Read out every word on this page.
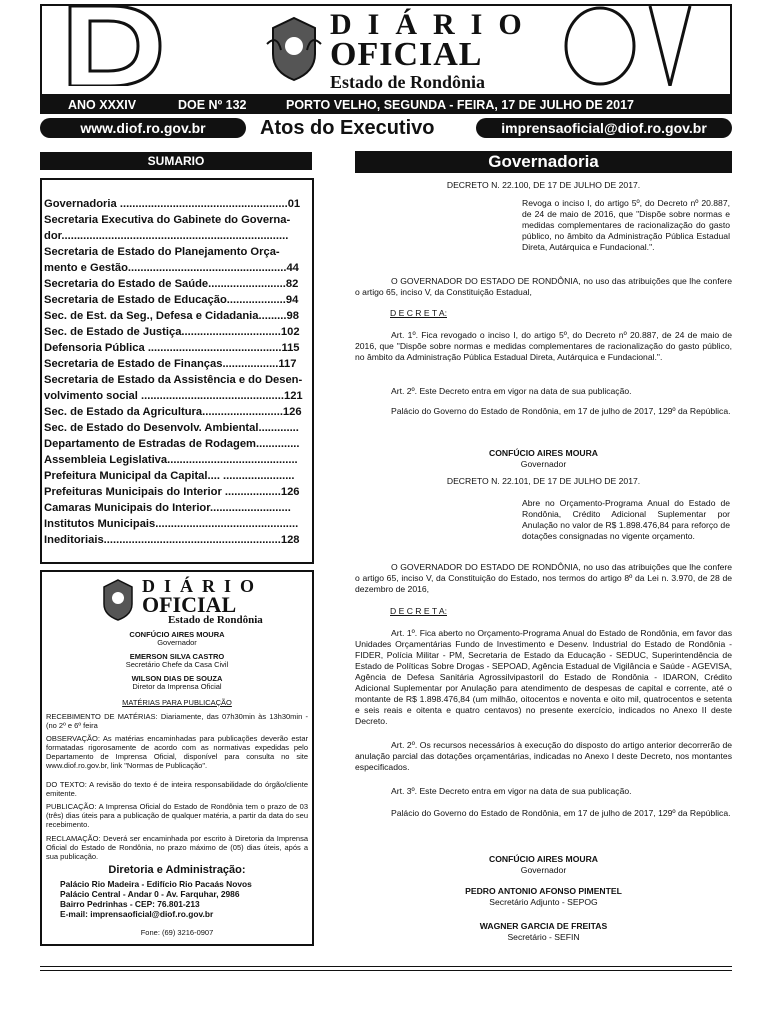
DIÁRIO
OFICIAL
Estado de Rondônia
ANO XXXIV	DOE Nº 132	PORTO VELHO, SEGUNDA - FEIRA, 17 DE JULHO DE 2017
www.diof.ro.gov.br	Atos do Executivo	imprensaoficial@diof.ro.gov.br
SUMARIO
Governadoria ......................................................01
Secretaria Executiva do Gabinete do Governa-
dor.........................................................................
Secretaria de Estado do Planejamento Orça-
mento e Gestão...................................................44
Secretaria do Estado de Saúde.........................82
Secretaria de Estado de Educação...................94
Sec. de Est. da Seg., Defesa e Cidadania.........98
Sec. de Estado de Justiça................................102
Defensoria Pública ...........................................115
Secretaria de Estado de Finanças..................117
Secretaria de Estado da Assistência e do Desen-
volvimento social ..............................................121
Sec. de Estado da Agricultura..........................126
Sec. de Estado do Desenvolv. Ambiental.............
Departamento de Estradas de Rodagem..............
Assembleia Legislativa..........................................
Prefeitura Municipal da Capital.... .......................
Prefeituras Municipais do Interior ..................126
Camaras Municipais do Interior..........................
Institutos Municipais..............................................
Ineditoriais.........................................................128
DIÁRIO
OFICIAL
Estado de Rondônia
CONFÚCIO AIRES MOURA
Governador
EMERSON SILVA CASTRO
Secretário Chefe da Casa Civil
WILSON DIAS DE SOUZA
Diretor da Imprensa Oficial
MATÉRIAS PARA PUBLICAÇÃO
RECEBIMENTO DE MATÉRIAS: Diariamente, das 07h30min às 13h30min - (no 2º e 6º feira
OBSERVAÇÃO: As matérias encaminhadas para publicações deverão estar formatadas rigorosamente de acordo com as normativas expedidas pelo Departamento de Imprensa Oficial, disponível para consulta no site www.diof.ro.gov.br, link "Normas de Publicação".
DO TEXTO: A revisão do texto é de inteira responsabilidade do órgão/cliente emitente.
PUBLICAÇÃO: A Imprensa Oficial do Estado de Rondônia tem o prazo de 03 (três) dias úteis para a publicação de qualquer matéria, a partir da data do seu recebimento.
RECLAMAÇÃO: Deverá ser encaminhada por escrito à Diretoria da Imprensa Oficial do Estado de Rondônia, no prazo máximo de (05) dias úteis, após a sua publicação.
Diretoria e Administração:
Palácio Rio Madeira - Edifício Rio Pacaás Novos
Palácio Central - Andar 0 - Av. Farquhar, 2986
Bairro Pedrinhas - CEP: 76.801-213
E-mail: imprensaoficial@diof.ro.gov.br
Fone: (69) 3216-0907
Governadoria
DECRETO N. 22.100, DE 17 DE JULHO DE 2017.
Revoga o inciso I, do artigo 5º, do Decreto nº 20.887, de 24 de maio de 2016, que "Dispõe sobre normas e medidas complementares de racionalização do gasto público, no âmbito da Administração Pública Estadual Direta, Autárquica e Fundacional.".
O GOVERNADOR DO ESTADO DE RONDÔNIA, no uso das atribuições que lhe confere o artigo 65, inciso V, da Constituição Estadual,
D E C R E T A:
Art. 1º. Fica revogado o inciso I, do artigo 5º, do Decreto nº 20.887, de 24 de maio de 2016, que "Dispõe sobre normas e medidas complementares de racionalização do gasto público, no âmbito da Administração Pública Estadual Direta, Autárquica e Fundacional.".
Art. 2º. Este Decreto entra em vigor na data de sua publicação.
Palácio do Governo do Estado de Rondônia, em 17 de julho de 2017, 129º da República.
CONFÚCIO AIRES MOURA
Governador
DECRETO N. 22.101, DE 17 DE JULHO DE 2017.
Abre no Orçamento-Programa Anual do Estado de Rondônia, Crédito Adicional Suplementar por Anulação no valor de R$ 1.898.476,84 para reforço de dotações consignadas no vigente orçamento.
O GOVERNADOR DO ESTADO DE RONDÔNIA, no uso das atribuições que lhe confere o artigo 65, inciso V, da Constituição do Estado, nos termos do artigo 8º da Lei n. 3.970, de 28 de dezembro de 2016,
D E C R E T A:
Art. 1º. Fica aberto no Orçamento-Programa Anual do Estado de Rondônia, em favor das Unidades Orçamentárias Fundo de Investimento e Desenv. Industrial do Estado de Rondônia - FIDER, Polícia Militar - PM, Secretaria de Estado da Educação - SEDUC, Superintendência de Estado de Políticas Sobre Drogas - SEPOAD, Agência Estadual de Vigilância e Saúde - AGEVISA, Agência de Defesa Sanitária Agrossilvipastoril do Estado de Rondônia - IDARON, Crédito Adicional Suplementar por Anulação para atendimento de despesas de capital e corrente, até o montante de R$ 1.898.476,84 (um milhão, oitocentos e noventa e oito mil, quatrocentos e setenta e seis reais e oitenta e quatro centavos) no presente exercício, indicados no Anexo II deste Decreto.
Art. 2º. Os recursos necessários à execução do disposto do artigo anterior decorrerão de anulação parcial das dotações orçamentárias, indicadas no Anexo I deste Decreto, nos montantes especificados.
Art. 3º. Este Decreto entra em vigor na data de sua publicação.
Palácio do Governo do Estado de Rondônia, em 17 de julho de 2017, 129º da República.
CONFÚCIO AIRES MOURA
Governador
PEDRO ANTONIO AFONSO PIMENTEL
Secretário Adjunto - SEPOG
WAGNER GARCIA DE FREITAS
Secretário - SEFIN
